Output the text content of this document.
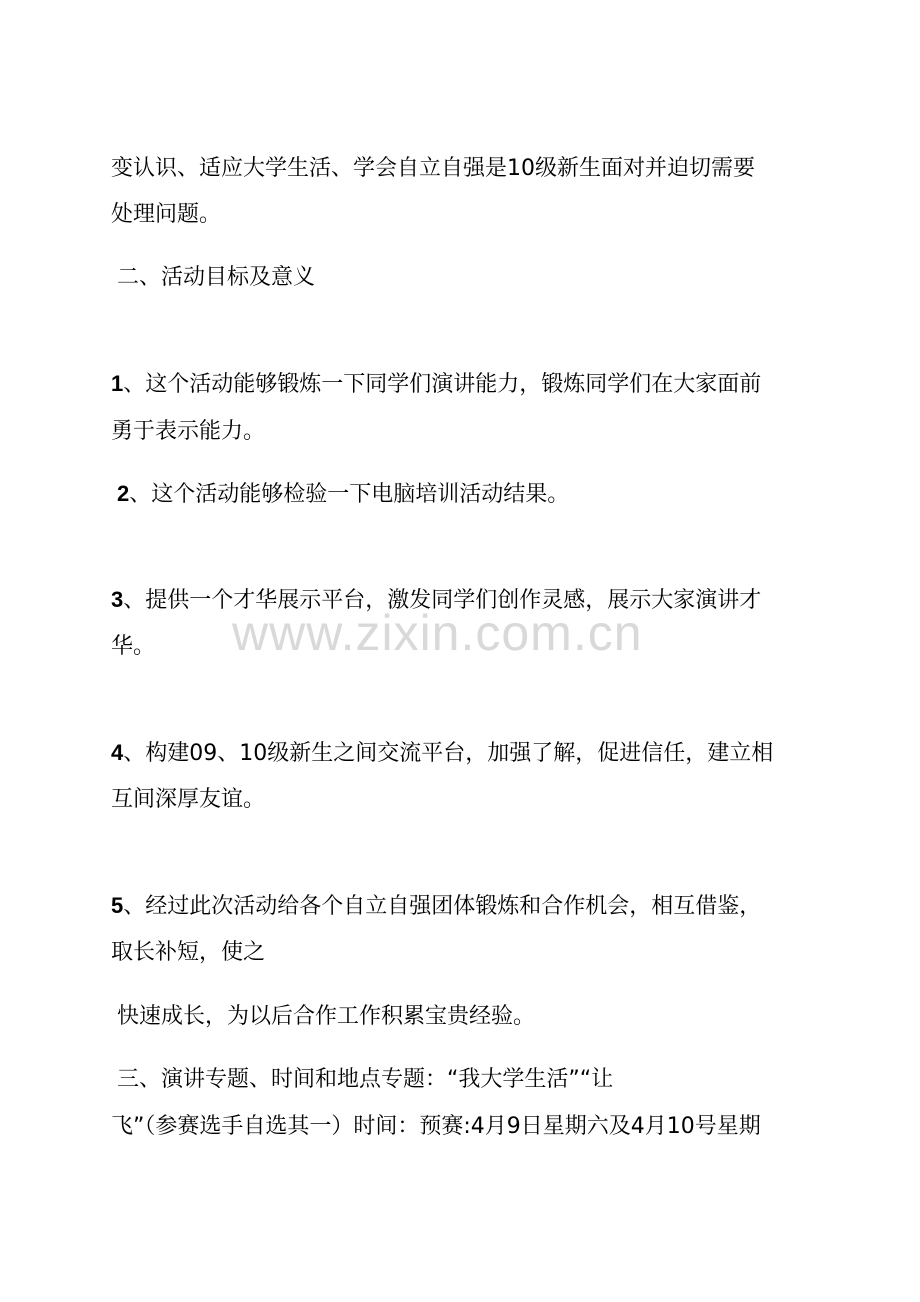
变认识、适应大学生活、学会自立自强是10级新生面对并迫切需要
处理问题。
二、活动目标及意义
1、这个活动能够锻炼一下同学们演讲能力，锻炼同学们在大家面前
勇于表示能力。
2、这个活动能够检验一下电脑培训活动结果。
3、提供一个才华展示平台，激发同学们创作灵感，展示大家演讲才
华。
4、构建09、10级新生之间交流平台，加强了解，促进信任，建立相
互间深厚友谊。
5、经过此次活动给各个自立自强团体锻炼和合作机会，相互借鉴，
取长补短，使之
快速成长，为以后合作工作积累宝贵经验。
三、演讲专题、时间和地点专题：“我大学生活”“让
飞”（参赛选手自选其一）时间：预赛:4月9日星期六及4月10号星期
www.zixin.com.cn
